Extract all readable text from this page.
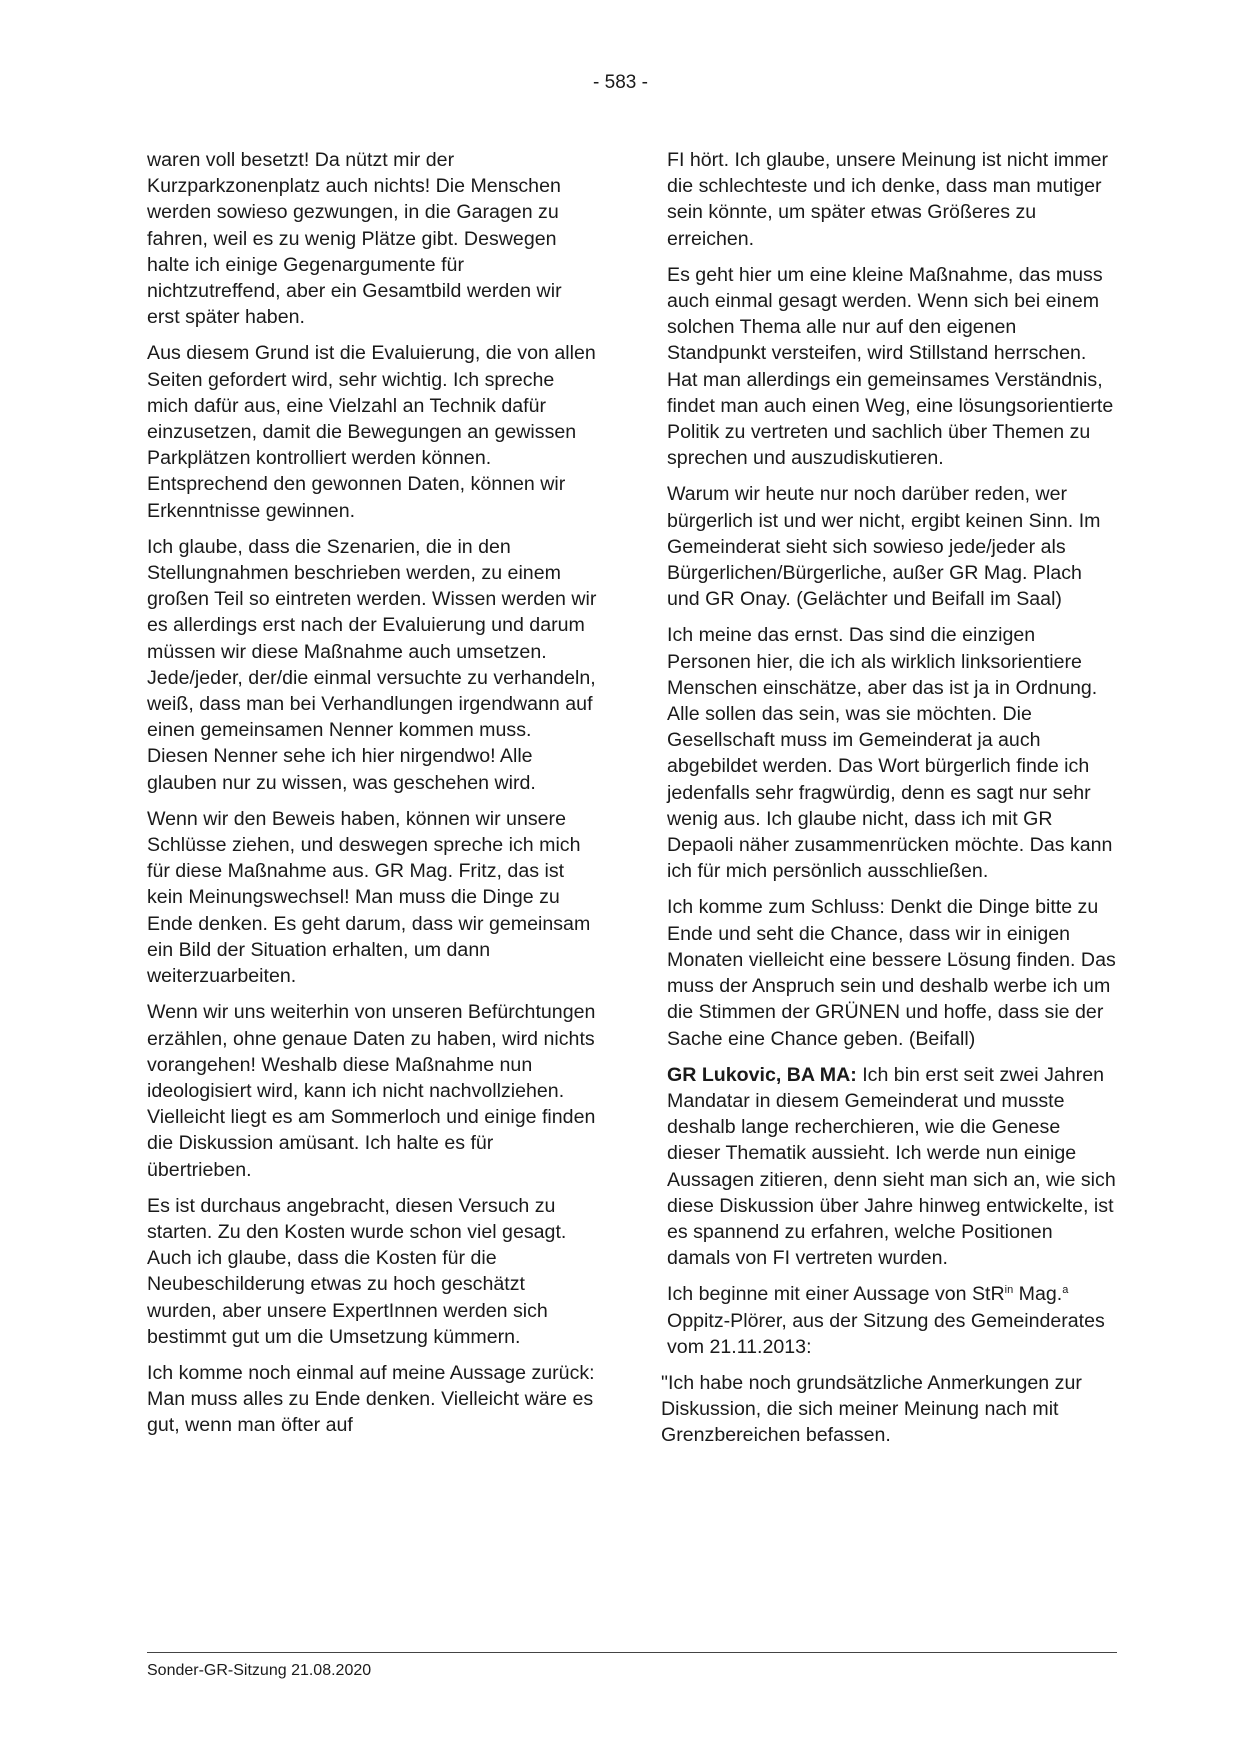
- 583 -

waren voll besetzt! Da nützt mir der Kurzparkzonenplatz auch nichts! Die Menschen werden sowieso gezwungen, in die Garagen zu fahren, weil es zu wenig Plätze gibt. Deswegen halte ich einige Gegenargumente für nichtzutreffend, aber ein Gesamtbild werden wir erst später haben.

Aus diesem Grund ist die Evaluierung, die von allen Seiten gefordert wird, sehr wichtig. Ich spreche mich dafür aus, eine Vielzahl an Technik dafür einzusetzen, damit die Bewegungen an gewissen Parkplätzen kontrolliert werden können. Entsprechend den gewonnen Daten, können wir Erkenntnisse gewinnen.

Ich glaube, dass die Szenarien, die in den Stellungnahmen beschrieben werden, zu einem großen Teil so eintreten werden. Wissen werden wir es allerdings erst nach der Evaluierung und darum müssen wir diese Maßnahme auch umsetzen. Jede/jeder, der/die einmal versuchte zu verhandeln, weiß, dass man bei Verhandlungen irgendwann auf einen gemeinsamen Nenner kommen muss. Diesen Nenner sehe ich hier nirgendwo! Alle glauben nur zu wissen, was geschehen wird.

Wenn wir den Beweis haben, können wir unsere Schlüsse ziehen, und deswegen spreche ich mich für diese Maßnahme aus. GR Mag. Fritz, das ist kein Meinungswechsel! Man muss die Dinge zu Ende denken. Es geht darum, dass wir gemeinsam ein Bild der Situation erhalten, um dann weiterzuarbeiten.

Wenn wir uns weiterhin von unseren Befürchtungen erzählen, ohne genaue Daten zu haben, wird nichts vorangehen! Weshalb diese Maßnahme nun ideologisiert wird, kann ich nicht nachvollziehen. Vielleicht liegt es am Sommerloch und einige finden die Diskussion amüsant. Ich halte es für übertrieben.

Es ist durchaus angebracht, diesen Versuch zu starten. Zu den Kosten wurde schon viel gesagt. Auch ich glaube, dass die Kosten für die Neubeschilderung etwas zu hoch geschätzt wurden, aber unsere ExpertInnen werden sich bestimmt gut um die Umsetzung kümmern.

Ich komme noch einmal auf meine Aussage zurück: Man muss alles zu Ende denken. Vielleicht wäre es gut, wenn man öfter auf

FI hört. Ich glaube, unsere Meinung ist nicht immer die schlechteste und ich denke, dass man mutiger sein könnte, um später etwas Größeres zu erreichen.

Es geht hier um eine kleine Maßnahme, das muss auch einmal gesagt werden. Wenn sich bei einem solchen Thema alle nur auf den eigenen Standpunkt versteifen, wird Stillstand herrschen. Hat man allerdings ein gemeinsames Verständnis, findet man auch einen Weg, eine lösungsorientierte Politik zu vertreten und sachlich über Themen zu sprechen und auszudiskutieren.

Warum wir heute nur noch darüber reden, wer bürgerlich ist und wer nicht, ergibt keinen Sinn. Im Gemeinderat sieht sich sowieso jede/jeder als Bürgerlichen/Bürgerliche, außer GR Mag. Plach und GR Onay. (Gelächter und Beifall im Saal)

Ich meine das ernst. Das sind die einzigen Personen hier, die ich als wirklich linksorientiere Menschen einschätze, aber das ist ja in Ordnung. Alle sollen das sein, was sie möchten. Die Gesellschaft muss im Gemeinderat ja auch abgebildet werden. Das Wort bürgerlich finde ich jedenfalls sehr fragwürdig, denn es sagt nur sehr wenig aus. Ich glaube nicht, dass ich mit GR Depaoli näher zusammenrücken möchte. Das kann ich für mich persönlich ausschließen.

Ich komme zum Schluss: Denkt die Dinge bitte zu Ende und seht die Chance, dass wir in einigen Monaten vielleicht eine bessere Lösung finden. Das muss der Anspruch sein und deshalb werbe ich um die Stimmen der GRÜNEN und hoffe, dass sie der Sache eine Chance geben. (Beifall)

GR Lukovic, BA MA: Ich bin erst seit zwei Jahren Mandatar in diesem Gemeinderat und musste deshalb lange recherchieren, wie die Genese dieser Thematik aussieht. Ich werde nun einige Aussagen zitieren, denn sieht man sich an, wie sich diese Diskussion über Jahre hinweg entwickelte, ist es spannend zu erfahren, welche Positionen damals von FI vertreten wurden.

Ich beginne mit einer Aussage von StR$^{in}$ Mag.$^a$ Oppitz-Plörer, aus der Sitzung des Gemeinderates vom 21.11.2013:

"Ich habe noch grundsätzliche Anmerkungen zur Diskussion, die sich meiner Meinung nach mit Grenzbereichen befassen.

Sonder-GR-Sitzung 21.08.2020
